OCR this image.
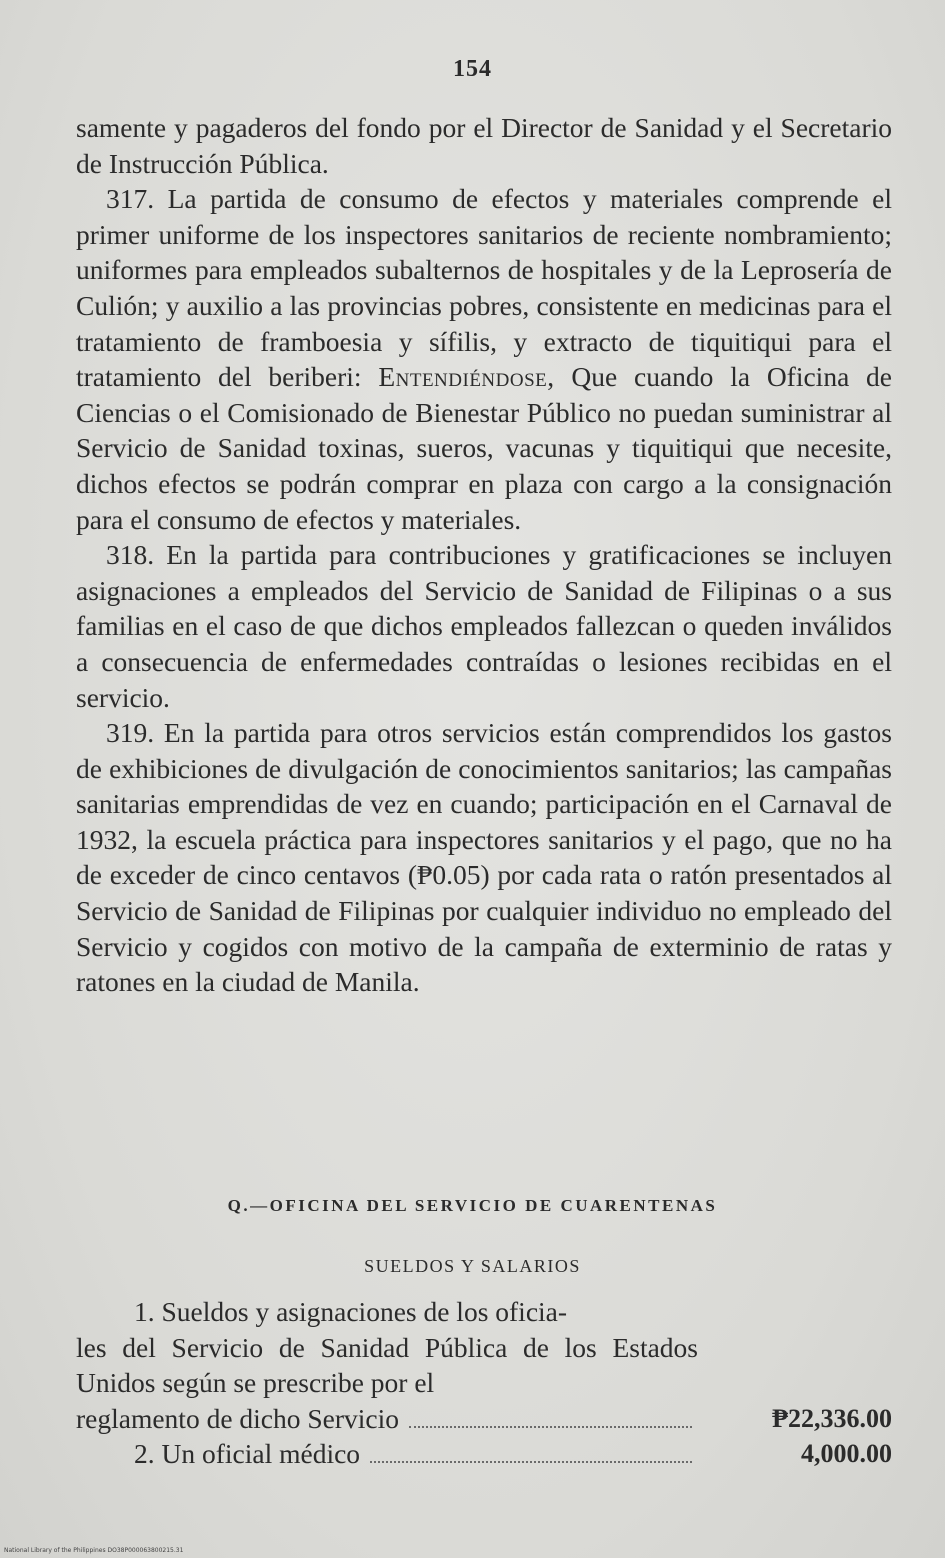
154

samente y pagaderos del fondo por el Director de Sanidad y el Secretario de Instrucción Pública.

317. La partida de consumo de efectos y materiales comprende el primer uniforme de los inspectores sanitarios de reciente nombramiento; uniformes para empleados subalternos de hospitales y de la Leprosería de Culión; y auxilio a las provincias pobres, consistente en medicinas para el tratamiento de framboesia y sífilis, y extracto de tiquitiqui para el tratamiento del beriberi: Entendiéndose, Que cuando la Oficina de Ciencias o el Comisionado de Bienestar Público no puedan suministrar al Servicio de Sanidad toxinas, sueros, vacunas y tiquitiqui que necesite, dichos efectos se podrán comprar en plaza con cargo a la consignación para el consumo de efectos y materiales.

318. En la partida para contribuciones y gratificaciones se incluyen asignaciones a empleados del Servicio de Sanidad de Filipinas o a sus familias en el caso de que dichos empleados fallezcan o queden inválidos a consecuencia de enfermedades contraídas o lesiones recibidas en el servicio.

319. En la partida para otros servicios están comprendidos los gastos de exhibiciones de divulgación de conocimientos sanitarios; las campañas sanitarias emprendidas de vez en cuando; participación en el Carnaval de 1932, la escuela práctica para inspectores sanitarios y el pago, que no ha de exceder de cinco centavos (₱0.05) por cada rata o ratón presentados al Servicio de Sanidad de Filipinas por cualquier individuo no empleado del Servicio y cogidos con motivo de la campaña de exterminio de ratas y ratones en la ciudad de Manila.

Q.—OFICINA DEL SERVICIO DE CUARENTENAS
SUELDOS Y SALARIOS
1. Sueldos y asignaciones de los oficia-
les del Servicio de Sanidad Pública de los Estados Unidos según se prescribe por el
reglamento de dicho Servicio	₱22,336.00
2. Un oficial médico	4,000.00
National Library of the Philippines DO38P000063800215.31
